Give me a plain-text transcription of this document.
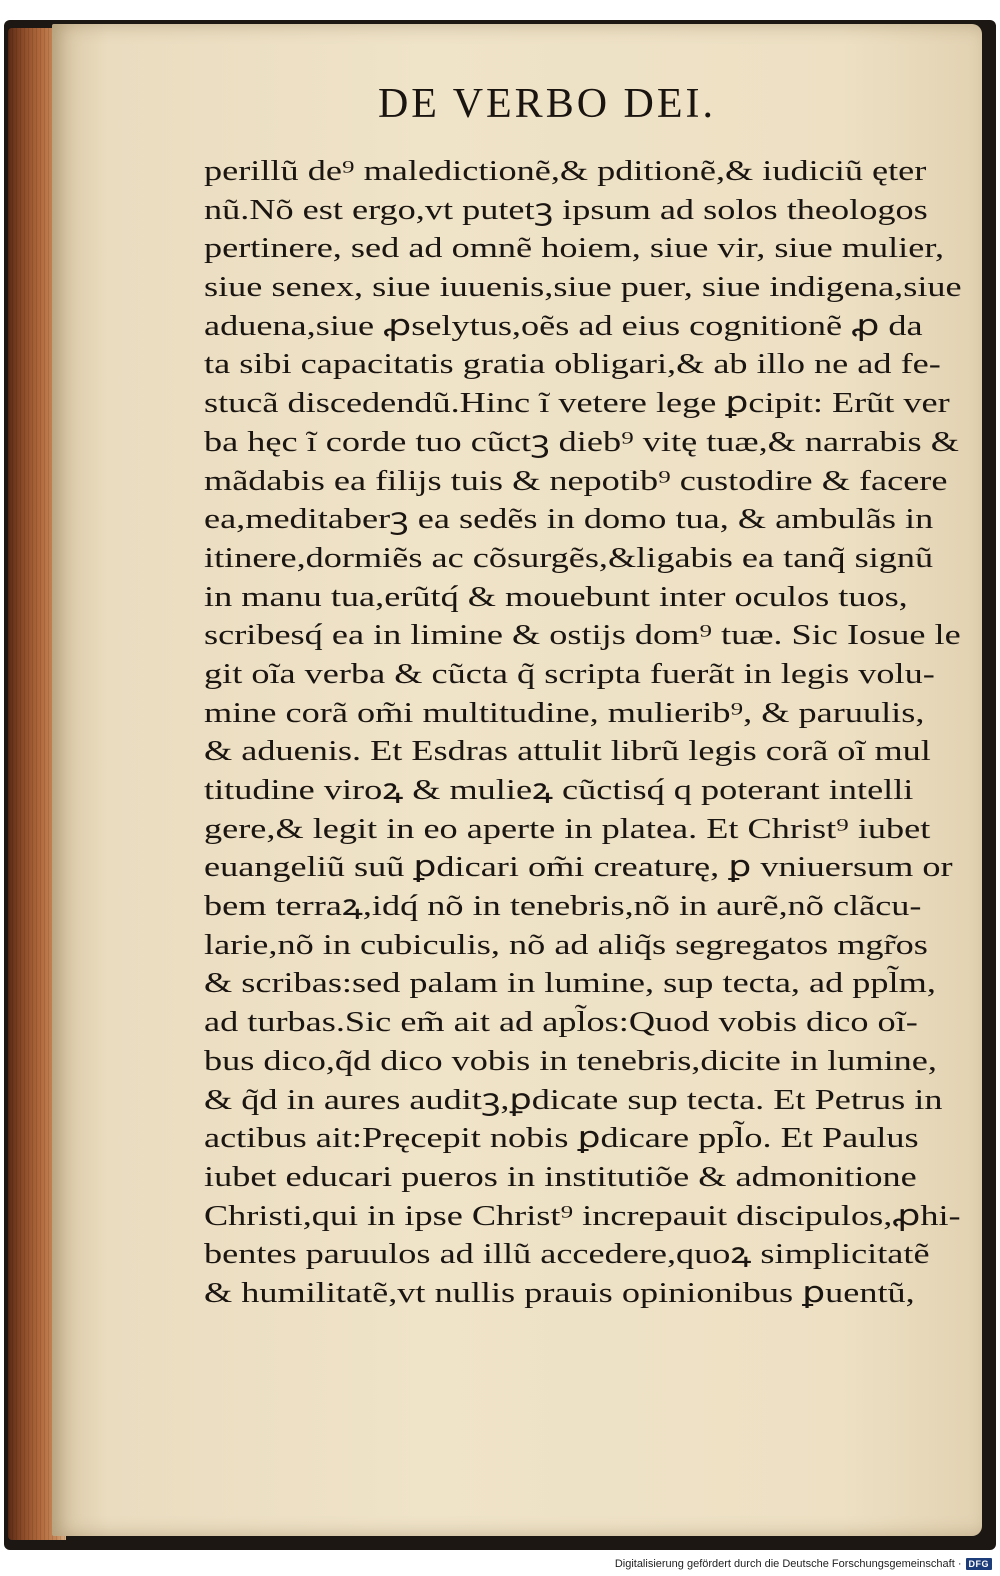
DE VERBO DEI.
perillũ de⁹ maledictionẽ,& pditionẽ,& iudiciũ ęter
nũ.Nõ est ergo,vt putetꝫ ipsum ad solos theologos
pertinere, sed ad omnẽ hoiem, siue vir, siue mulier,
siue senex, siue iuuenis,siue puer, siue indigena,siue
aduena,siue ꝓselytus,oẽs ad eius cognitionẽ ꝓ da
ta sibi capacitatis gratia obligari,& ab illo ne ad fe-
stucã discedendũ.Hinc ĩ vetere lege ꝑcipit: Erũt ver
ba hęc ĩ corde tuo cũctꝫ dieb⁹ vitę tuæ,& narrabis &
mãdabis ea filijs tuis & nepotib⁹ custodire & facere
ea,meditaberꝫ ea sedẽs in domo tua, & ambulãs in
itinere,dormiẽs ac cõsurgẽs,&ligabis ea tanq̃ signũ
in manu tua,erũtq́ & mouebunt inter oculos tuos,
scribesq́ ea in limine & ostijs dom⁹ tuæ. Sic Iosue le
git oĩa verba & cũcta q̃ scripta fuerãt in legis volu-
mine corã om̃i multitudine, mulierib⁹, & paruulis,
& aduenis. Et Esdras attulit librũ legis corã oĩ mul
titudine viroꝝ & mulieꝝ cũctisq́ q poterant intelli
gere,& legit in eo aperte in platea. Et Christ⁹ iubet
euangeliũ suũ ꝑdicari om̃i creaturę, ꝑ vniuersum or
bem terraꝝ,idq́ nõ in tenebris,nõ in aurẽ,nõ clãcu-
larie,nõ in cubiculis, nõ ad aliq̃s segregatos mgr̃os
& scribas:sed palam in lumine, sup tecta, ad ppl̃m,
ad turbas.Sic em̃ ait ad apl̃os:Quod vobis dico oĩ-
bus dico,q̃d dico vobis in tenebris,dicite in lumine,
& q̃d in aures auditꝫ,ꝑdicate sup tecta. Et Petrus in
actibus ait:Pręcepit nobis ꝑdicare ppl̃o. Et Paulus
iubet educari pueros in institutiõe & admonitione
Christi,qui in ipse Christ⁹ increpauit discipulos,ꝓhi-
bentes paruulos ad illũ accedere,quoꝝ simplicitatẽ
& humilitatẽ,vt nullis prauis opinionibus ꝑuentũ,
Digitalisierung gefördert durch die Deutsche Forschungsgemeinschaft · DFG
